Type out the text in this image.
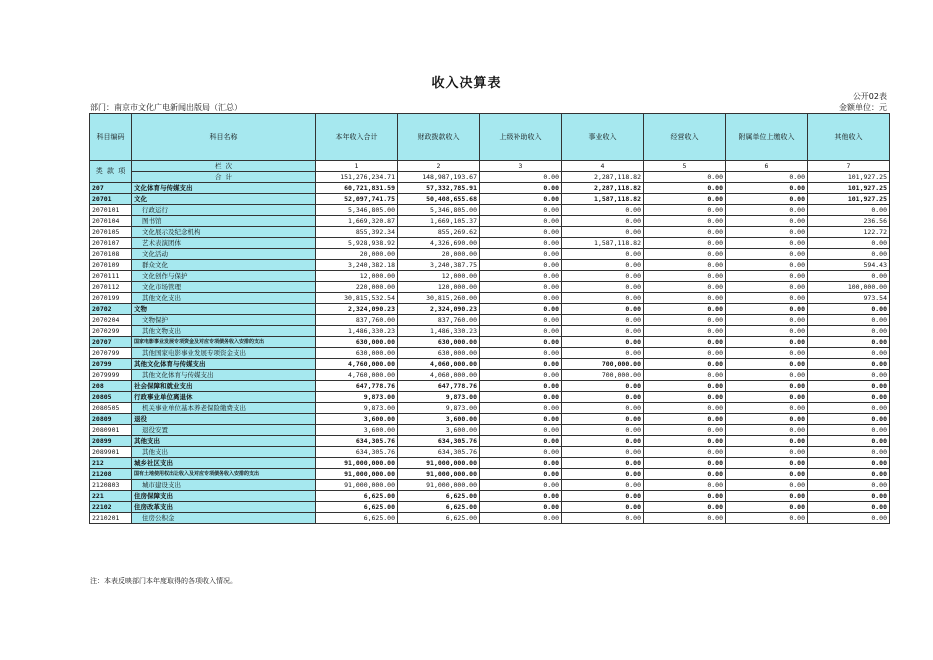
收入决算表
公开02表
部门：南京市文化广电新闻出版局（汇总）	金额单位：元
科目编码	科目名称	本年收入合计	财政拨款收入	上级补助收入	事业收入	经营收入	附属单位上缴收入	其他收入
类 款 项	栏 次	1	2	3	4	5	6	7
	合 计	151,276,234.71	148,987,193.67	0.00	2,287,118.82	0.00	0.00	101,927.25
207	文化体育与传媒支出	60,721,831.59	57,332,785.91	0.00	2,287,118.82	0.00	0.00	101,927.25
20701	文化	52,097,741.75	50,408,655.68	0.00	1,587,118.82	0.00	0.00	101,927.25
2070101	行政运行	5,346,805.00	5,346,805.00	0.00	0.00	0.00	0.00	0.00
2070104	图书馆	1,669,320.87	1,669,105.37	0.00	0.00	0.00	0.00	236.56
2070105	文化展示及纪念机构	855,392.34	855,269.62	0.00	0.00	0.00	0.00	122.72
2070107	艺术表演团体	5,928,938.92	4,326,690.00	0.00	1,587,118.82	0.00	0.00	0.00
2070108	文化活动	20,000.00	20,000.00	0.00	0.00	0.00	0.00	0.00
2070109	群众文化	3,240,382.18	3,240,387.75	0.00	0.00	0.00	0.00	594.43
2070111	文化创作与保护	12,000.00	12,000.00	0.00	0.00	0.00	0.00	0.00
2070112	文化市场管理	220,000.00	120,000.00	0.00	0.00	0.00	0.00	100,000.00
2070199	其他文化支出	30,815,532.54	30,815,260.00	0.00	0.00	0.00	0.00	973.54
20702	文物	2,324,090.23	2,324,090.23	0.00	0.00	0.00	0.00	0.00
2070204	文物保护	837,760.00	837,760.00	0.00	0.00	0.00	0.00	0.00
2070299	其他文物支出	1,486,330.23	1,486,330.23	0.00	0.00	0.00	0.00	0.00
20707	国家电影事业发展专项资金及对应专项债务收入安排的支出	630,000.00	630,000.00	0.00	0.00	0.00	0.00	0.00
2070799	其他国家电影事业发展专项资金支出	630,000.00	630,000.00	0.00	0.00	0.00	0.00	0.00
20799	其他文化体育与传媒支出	4,760,000.00	4,060,000.00	0.00	700,000.00	0.00	0.00	0.00
2079999	其他文化体育与传媒支出	4,760,000.00	4,060,000.00	0.00	700,000.00	0.00	0.00	0.00
208	社会保障和就业支出	647,778.76	647,778.76	0.00	0.00	0.00	0.00	0.00
20805	行政事业单位离退休	9,873.00	9,873.00	0.00	0.00	0.00	0.00	0.00
2080505	机关事业单位基本养老保险缴费支出	9,873.00	9,873.00	0.00	0.00	0.00	0.00	0.00
20809	退役	3,600.00	3,600.00	0.00	0.00	0.00	0.00	0.00
2080901	退役安置	3,600.00	3,600.00	0.00	0.00	0.00	0.00	0.00
20899	其他支出	634,305.76	634,305.76	0.00	0.00	0.00	0.00	0.00
2089901	其他支出	634,305.76	634,305.76	0.00	0.00	0.00	0.00	0.00
212	城乡社区支出	91,000,000.00	91,000,000.00	0.00	0.00	0.00	0.00	0.00
21208	国有土地使用权出让收入及对应专项债务收入安排的支出	91,000,000.00	91,000,000.00	0.00	0.00	0.00	0.00	0.00
2120803	城市建设支出	91,000,000.00	91,000,000.00	0.00	0.00	0.00	0.00	0.00
221	住房保障支出	6,625.00	6,625.00	0.00	0.00	0.00	0.00	0.00
22102	住房改革支出	6,625.00	6,625.00	0.00	0.00	0.00	0.00	0.00
2210201	住房公积金	6,625.00	6,625.00	0.00	0.00	0.00	0.00	0.00
注：本表反映部门本年度取得的各项收入情况。
